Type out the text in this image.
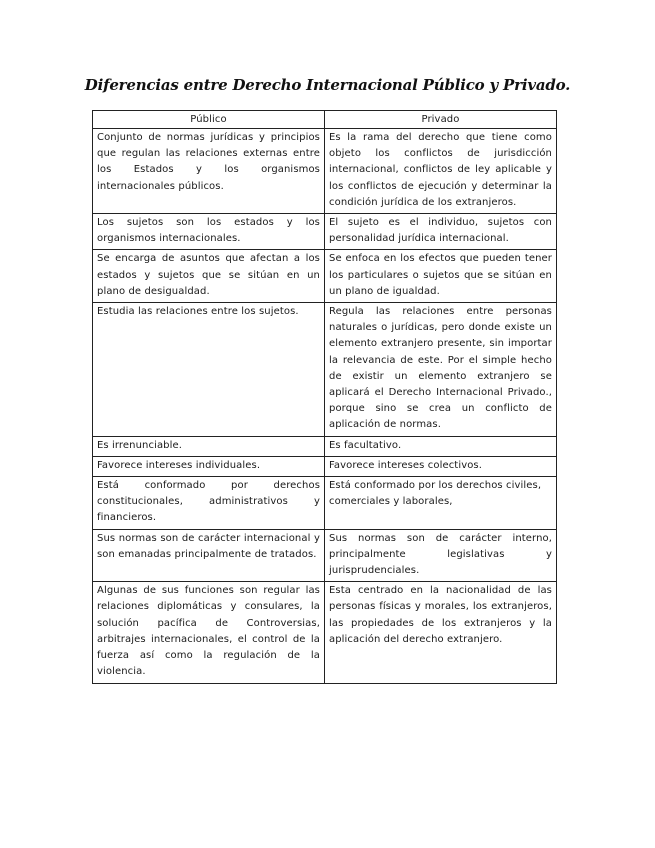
Diferencias entre Derecho Internacional Público y Privado.
Público	Privado
Conjunto de normas jurídicas y principios que regulan las relaciones externas entre los Estados y los organismos internacionales públicos.	Es la rama del derecho que tiene como objeto los conflictos de jurisdicción internacional, conflictos de ley aplicable y los conflictos de ejecución y determinar la condición jurídica de los extranjeros.
Los sujetos son los estados y los organismos internacionales.	El sujeto es el individuo, sujetos con personalidad jurídica internacional.
Se encarga de asuntos que afectan a los estados y sujetos que se sitúan en un plano de desigualdad.	Se enfoca en los efectos que pueden tener los particulares o sujetos que se sitúan en un plano de igualdad.
Estudia las relaciones entre los sujetos.	Regula las relaciones entre personas naturales o jurídicas, pero donde existe un elemento extranjero presente, sin importar la relevancia de este. Por el simple hecho de existir un elemento extranjero se aplicará el Derecho Internacional Privado., porque sino se crea un conflicto de aplicación de normas.
Es irrenunciable.	Es facultativo.
Favorece intereses individuales.	Favorece intereses colectivos.
Está conformado por derechos constitucionales, administrativos y financieros.	Está conformado por los derechos civiles, comerciales y laborales,
Sus normas son de carácter internacional y son emanadas principalmente de tratados.	Sus normas son de carácter interno, principalmente legislativas y jurisprudenciales.
Algunas de sus funciones son regular las relaciones diplomáticas y consulares, la solución pacífica de Controversias, arbitrajes internacionales, el control de la fuerza así como la regulación de la violencia.	Esta centrado en la nacionalidad de las personas físicas y morales, los extranjeros, las propiedades de los extranjeros y la aplicación del derecho extranjero.
